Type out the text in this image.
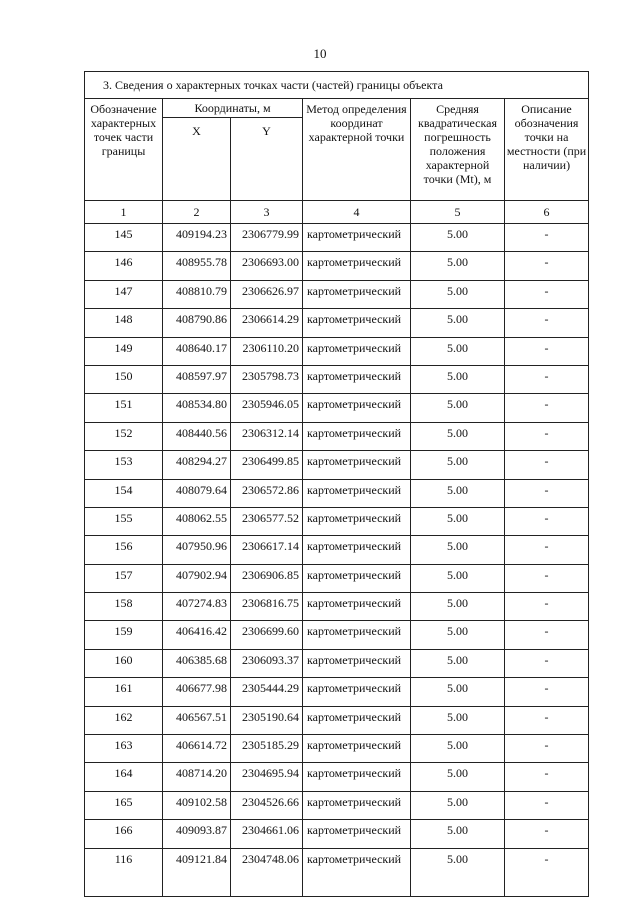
10
3. Сведения о характерных точках части (частей) границы объекта					
Обозначение характерных точек части границы	Координаты, м		Метод определения координат характерной точки	Средняя квадратическая погрешность положения характерной точки (Mt), м	Описание обозначения точки на местности (при наличии)
	X	Y			
1	2	3	4	5	6
145	409194.23	2306779.99	картометрический	5.00	-
146	408955.78	2306693.00	картометрический	5.00	-
147	408810.79	2306626.97	картометрический	5.00	-
148	408790.86	2306614.29	картометрический	5.00	-
149	408640.17	2306110.20	картометрический	5.00	-
150	408597.97	2305798.73	картометрический	5.00	-
151	408534.80	2305946.05	картометрический	5.00	-
152	408440.56	2306312.14	картометрический	5.00	-
153	408294.27	2306499.85	картометрический	5.00	-
154	408079.64	2306572.86	картометрический	5.00	-
155	408062.55	2306577.52	картометрический	5.00	-
156	407950.96	2306617.14	картометрический	5.00	-
157	407902.94	2306906.85	картометрический	5.00	-
158	407274.83	2306816.75	картометрический	5.00	-
159	406416.42	2306699.60	картометрический	5.00	-
160	406385.68	2306093.37	картометрический	5.00	-
161	406677.98	2305444.29	картометрический	5.00	-
162	406567.51	2305190.64	картометрический	5.00	-
163	406614.72	2305185.29	картометрический	5.00	-
164	408714.20	2304695.94	картометрический	5.00	-
165	409102.58	2304526.66	картометрический	5.00	-
166	409093.87	2304661.06	картометрический	5.00	-
116	409121.84	2304748.06	картометрический	5.00	-
